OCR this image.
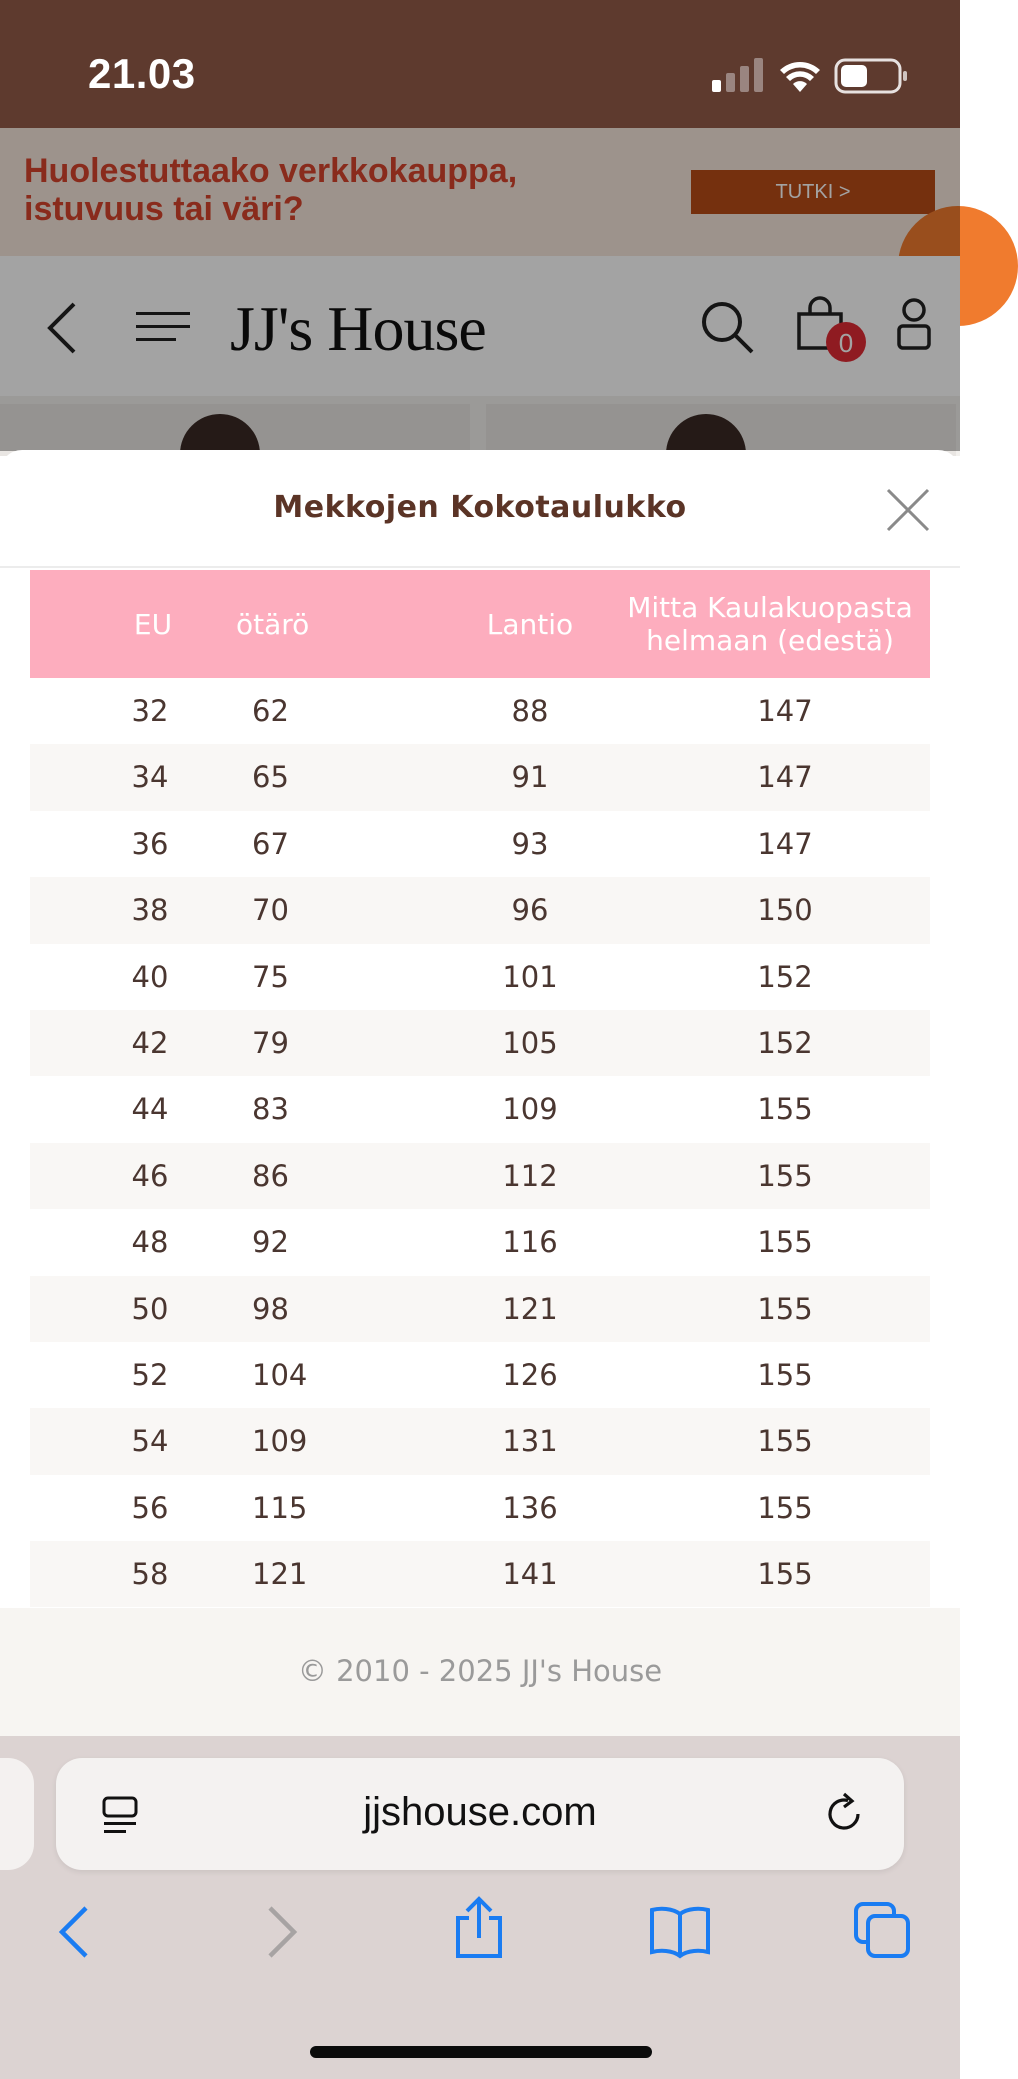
21.03
Huolestuttaako verkkokauppa, istuvuus tai väri?	TUTKI >
JJ's House	0
Mekkojen Kokotaulukko
EU	ötärö	Lantio	Mitta Kaulakuopasta helmaan (edestä)
32	62	88	147
34	65	91	147
36	67	93	147
38	70	96	150
40	75	101	152
42	79	105	152
44	83	109	155
46	86	112	155
48	92	116	155
50	98	121	155
52	104	126	155
54	109	131	155
56	115	136	155
58	121	141	155
© 2010 - 2025 JJ's House
jjshouse.com
